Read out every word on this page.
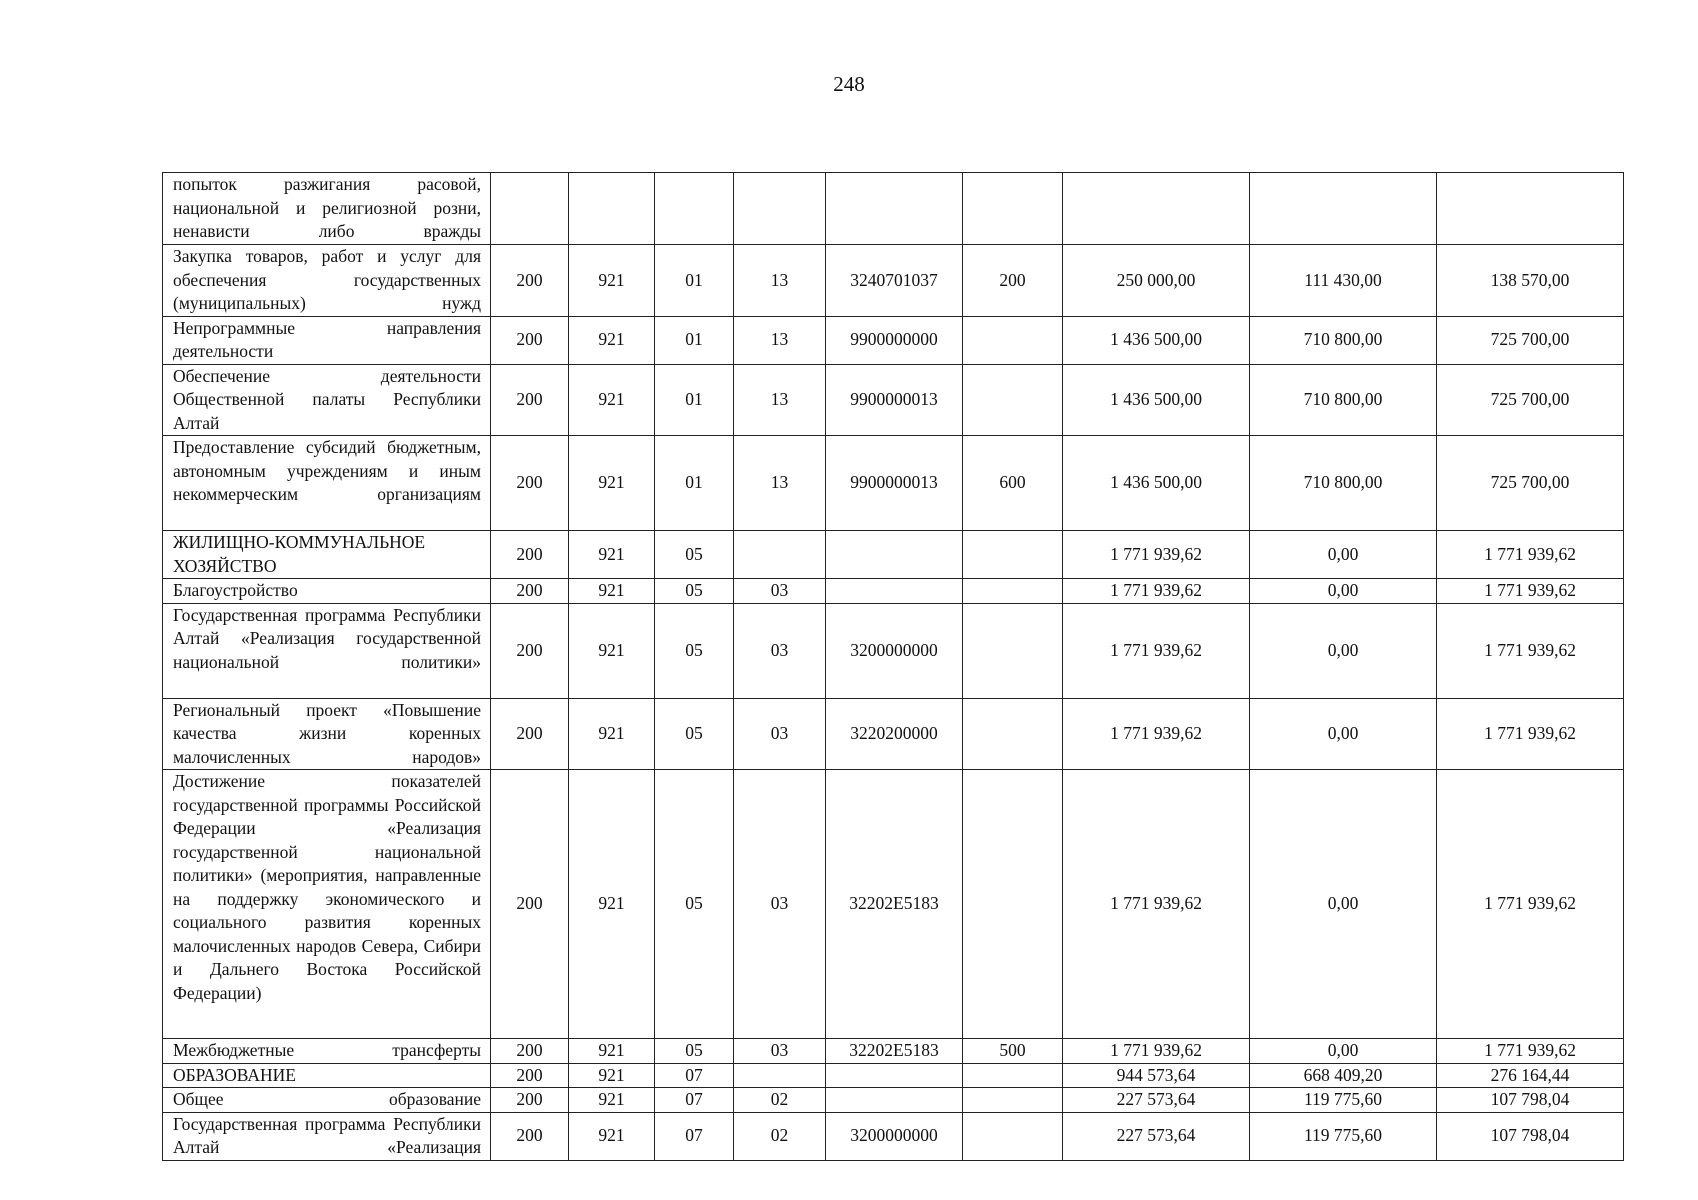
248
попыток разжигания расовой, национальной и религиозной розни, ненависти либо вражды									
Закупка товаров, работ и услуг для обеспечения государственных (муниципальных) нужд	200	921	01	13	3240701037	200	250 000,00	111 430,00	138 570,00
Непрограммные направления деятельности	200	921	01	13	9900000000		1 436 500,00	710 800,00	725 700,00
Обеспечение деятельности Общественной палаты Республики Алтай	200	921	01	13	9900000013		1 436 500,00	710 800,00	725 700,00
Предоставление субсидий бюджетным, автономным учреждениям и иным некоммерческим организациям	200	921	01	13	9900000013	600	1 436 500,00	710 800,00	725 700,00
ЖИЛИЩНО-КОММУНАЛЬНОЕ ХОЗЯЙСТВО	200	921	05				1 771 939,62	0,00	1 771 939,62
Благоустройство	200	921	05	03			1 771 939,62	0,00	1 771 939,62
Государственная программа Республики Алтай «Реализация государственной национальной политики»	200	921	05	03	3200000000		1 771 939,62	0,00	1 771 939,62
Региональный проект «Повышение качества жизни коренных малочисленных народов»	200	921	05	03	3220200000		1 771 939,62	0,00	1 771 939,62
Достижение показателей государственной программы Российской Федерации «Реализация государственной национальной политики» (мероприятия, направленные на поддержку экономического и социального развития коренных малочисленных народов Севера, Сибири и Дальнего Востока Российской Федерации)	200	921	05	03	32202E5183		1 771 939,62	0,00	1 771 939,62
Межбюджетные трансферты	200	921	05	03	32202E5183	500	1 771 939,62	0,00	1 771 939,62
ОБРАЗОВАНИЕ	200	921	07				944 573,64	668 409,20	276 164,44
Общее образование	200	921	07	02			227 573,64	119 775,60	107 798,04
Государственная программа Республики Алтай «Реализация	200	921	07	02	3200000000		227 573,64	119 775,60	107 798,04
